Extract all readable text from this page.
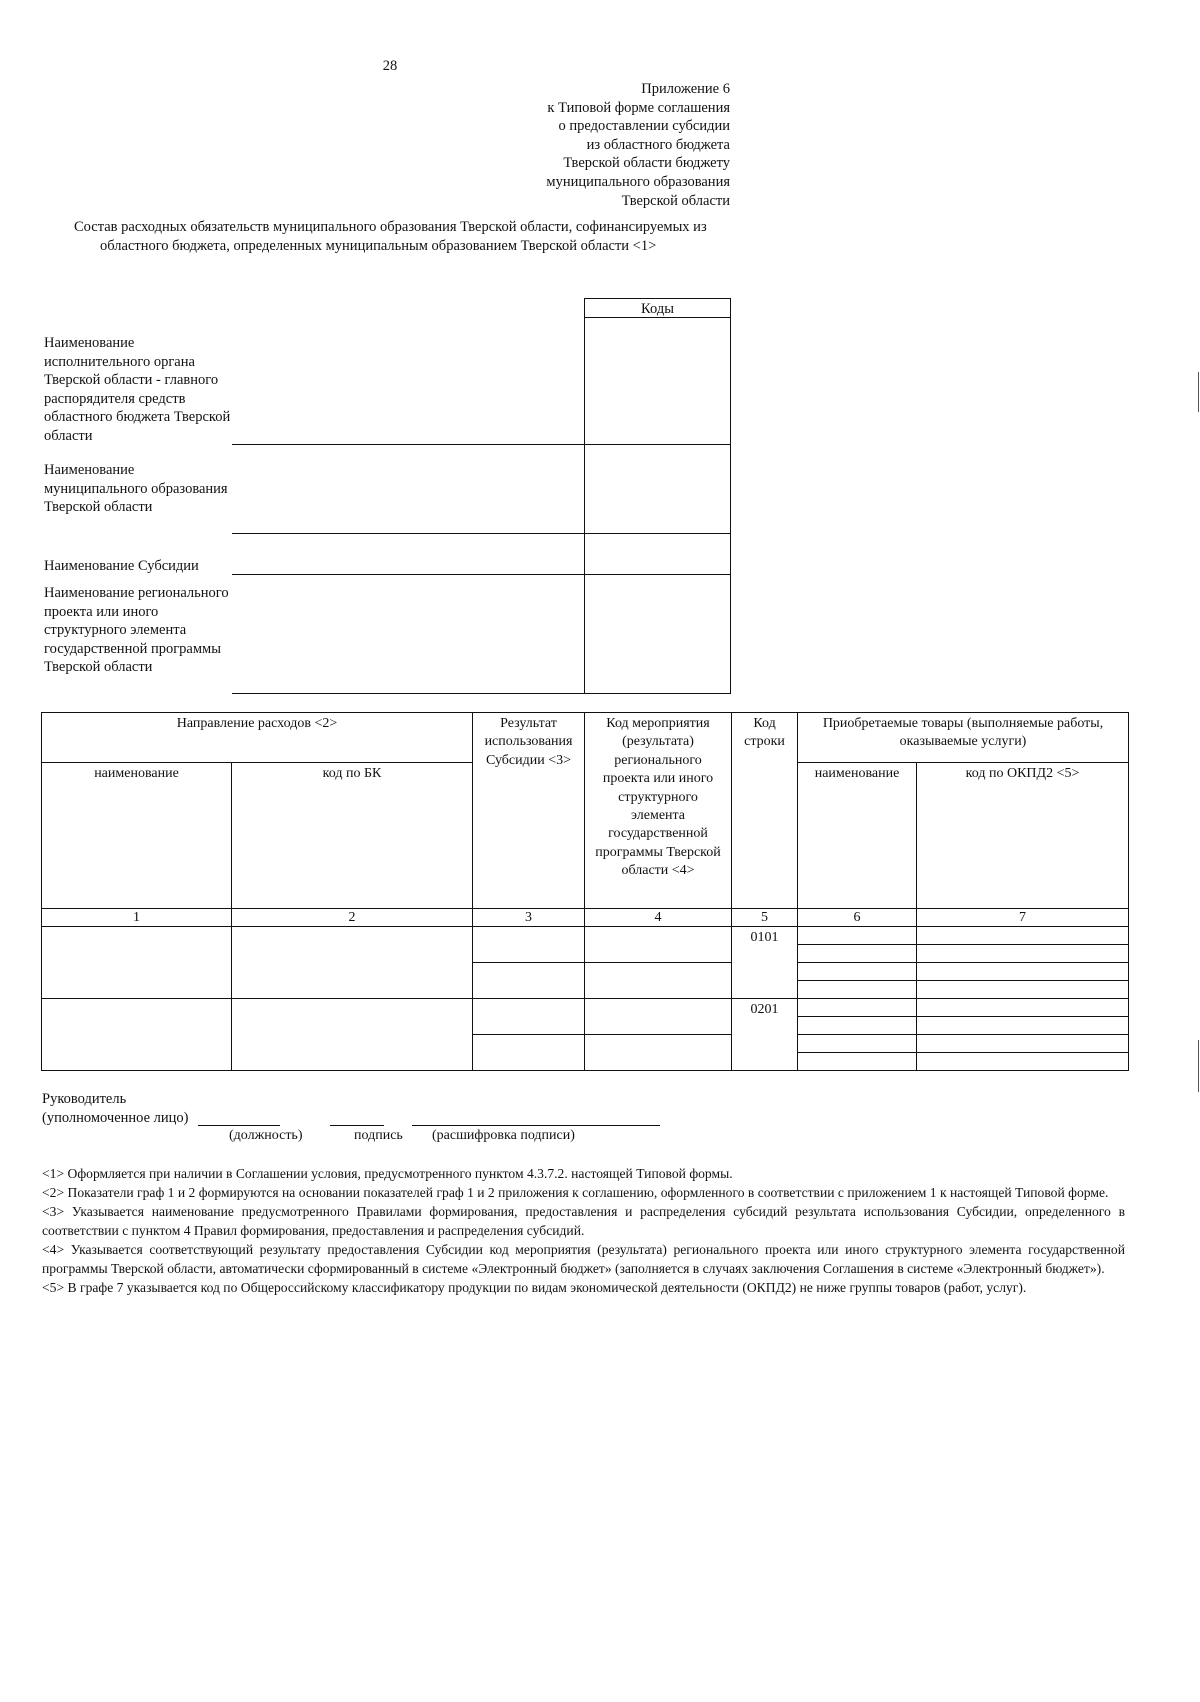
28
Приложение 6
к Типовой форме соглашения
о предоставлении субсидии
из областного бюджета
Тверской области бюджету
муниципального образования
Тверской области
Состав расходных обязательств муниципального образования Тверской области, софинансируемых из
областного бюджета, определенных муниципальным образованием Тверской области <1>
Коды
Наименование исполнительного органа Тверской области - главного распорядителя средств областного бюджета Тверской области
Наименование муниципального образования Тверской области
Наименование Субсидии
Наименование регионального проекта или иного структурного элемента государственной программы Тверской области
Направление расходов <2>		Результат использования Субсидии <3>	Код мероприятия (результата) регионального проекта или иного структурного элемента государственной программы Тверской области <4>	Код строки	Приобретаемые товары (выполняемые работы, оказываемые услуги)	
наименование	код по БК				наименование	код по ОКПД2 <5>
1	2	3	4	5	6	7
				0101		

				0201		

Руководитель
(уполномоченное лицо)
(должность)	подпись (расшифровка подписи)

<1> Оформляется при наличии в Соглашении условия, предусмотренного пунктом 4.3.7.2. настоящей Типовой формы.

<2> Показатели граф 1 и 2 формируются на основании показателей граф 1 и 2 приложения к соглашению, оформленного в соответствии с приложением 1 к настоящей Типовой форме.

<3> Указывается наименование предусмотренного Правилами формирования, предоставления и распределения субсидий результата использования Субсидии, определенного в соответствии с пунктом 4 Правил формирования, предоставления и распределения субсидий.

<4> Указывается соответствующий результату предоставления Субсидии код мероприятия (результата) регионального проекта или иного структурного элемента государственной программы Тверской области, автоматически сформированный в системе «Электронный бюджет» (заполняется в случаях заключения Соглашения в системе «Электронный бюджет»).

<5> В графе 7 указывается код по Общероссийскому классификатору продукции по видам экономической деятельности (ОКПД2) не ниже группы товаров (работ, услуг).
